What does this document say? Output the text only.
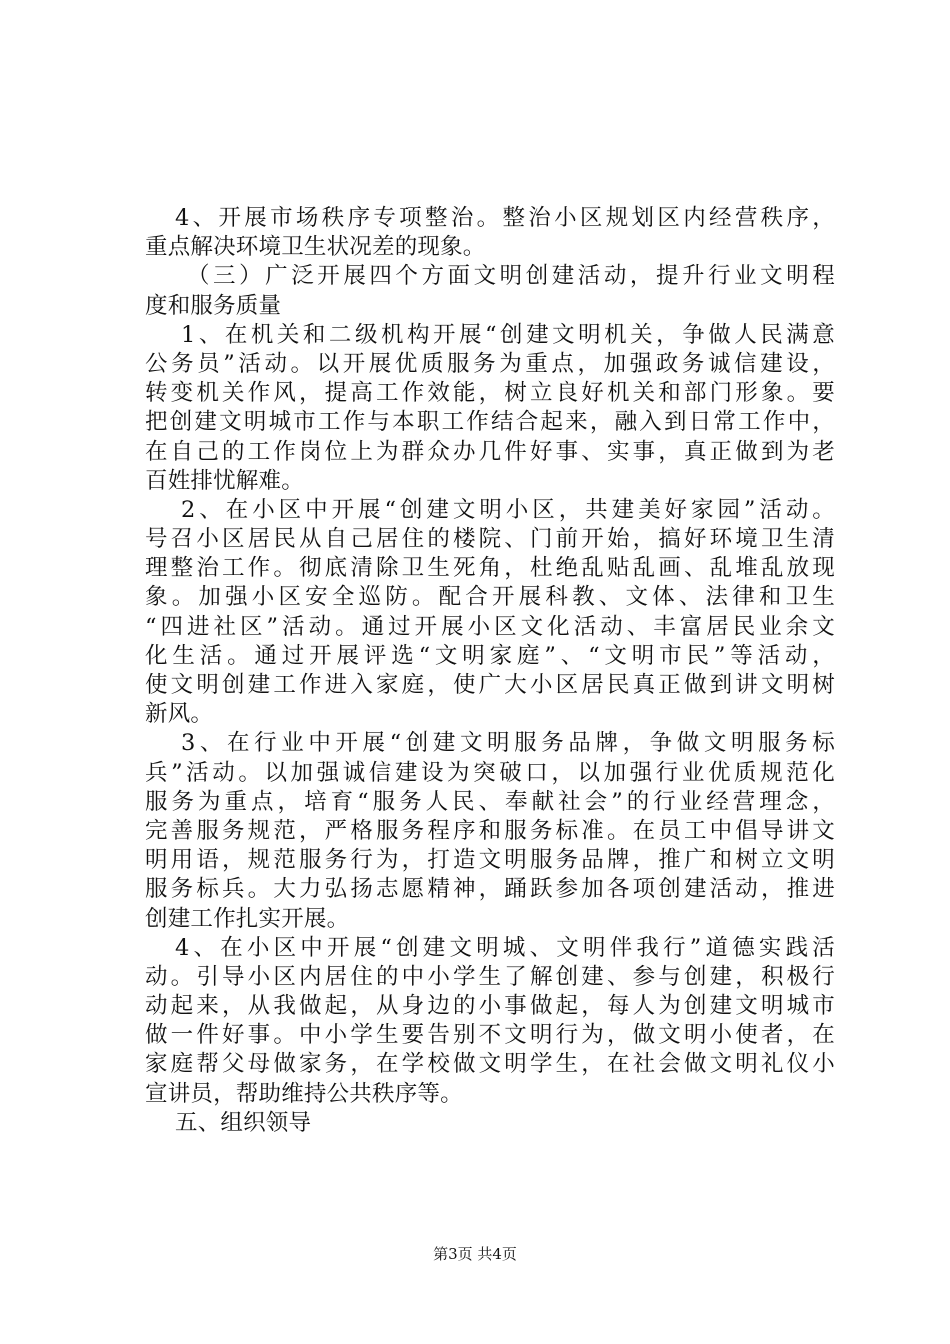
4、开展市场秩序专项整治。整治小区规划区内经营秩序，
重点解决环境卫生状况差的现象。
（三）广泛开展四个方面文明创建活动，提升行业文明程
度和服务质量
1、在机关和二级机构开展“创建文明机关，争做人民满意
公务员”活动。以开展优质服务为重点，加强政务诚信建设，
转变机关作风，提高工作效能，树立良好机关和部门形象。要
把创建文明城市工作与本职工作结合起来，融入到日常工作中，
在自己的工作岗位上为群众办几件好事、实事，真正做到为老
百姓排忧解难。
2、在小区中开展“创建文明小区，共建美好家园”活动。
号召小区居民从自己居住的楼院、门前开始，搞好环境卫生清
理整治工作。彻底清除卫生死角，杜绝乱贴乱画、乱堆乱放现
象。加强小区安全巡防。配合开展科教、文体、法律和卫生
“四进社区”活动。通过开展小区文化活动、丰富居民业余文
化生活。通过开展评选“文明家庭”、“文明市民”等活动，
使文明创建工作进入家庭，使广大小区居民真正做到讲文明树
新风。
3、在行业中开展“创建文明服务品牌，争做文明服务标
兵”活动。以加强诚信建设为突破口，以加强行业优质规范化
服务为重点，培育“服务人民、奉献社会”的行业经营理念，
完善服务规范，严格服务程序和服务标准。在员工中倡导讲文
明用语，规范服务行为，打造文明服务品牌，推广和树立文明
服务标兵。大力弘扬志愿精神，踊跃参加各项创建活动，推进
创建工作扎实开展。
4、在小区中开展“创建文明城、文明伴我行”道德实践活
动。引导小区内居住的中小学生了解创建、参与创建，积极行
动起来，从我做起，从身边的小事做起，每人为创建文明城市
做一件好事。中小学生要告别不文明行为，做文明小使者，在
家庭帮父母做家务，在学校做文明学生，在社会做文明礼仪小
宣讲员，帮助维持公共秩序等。
五、组织领导
第3页 共4页
